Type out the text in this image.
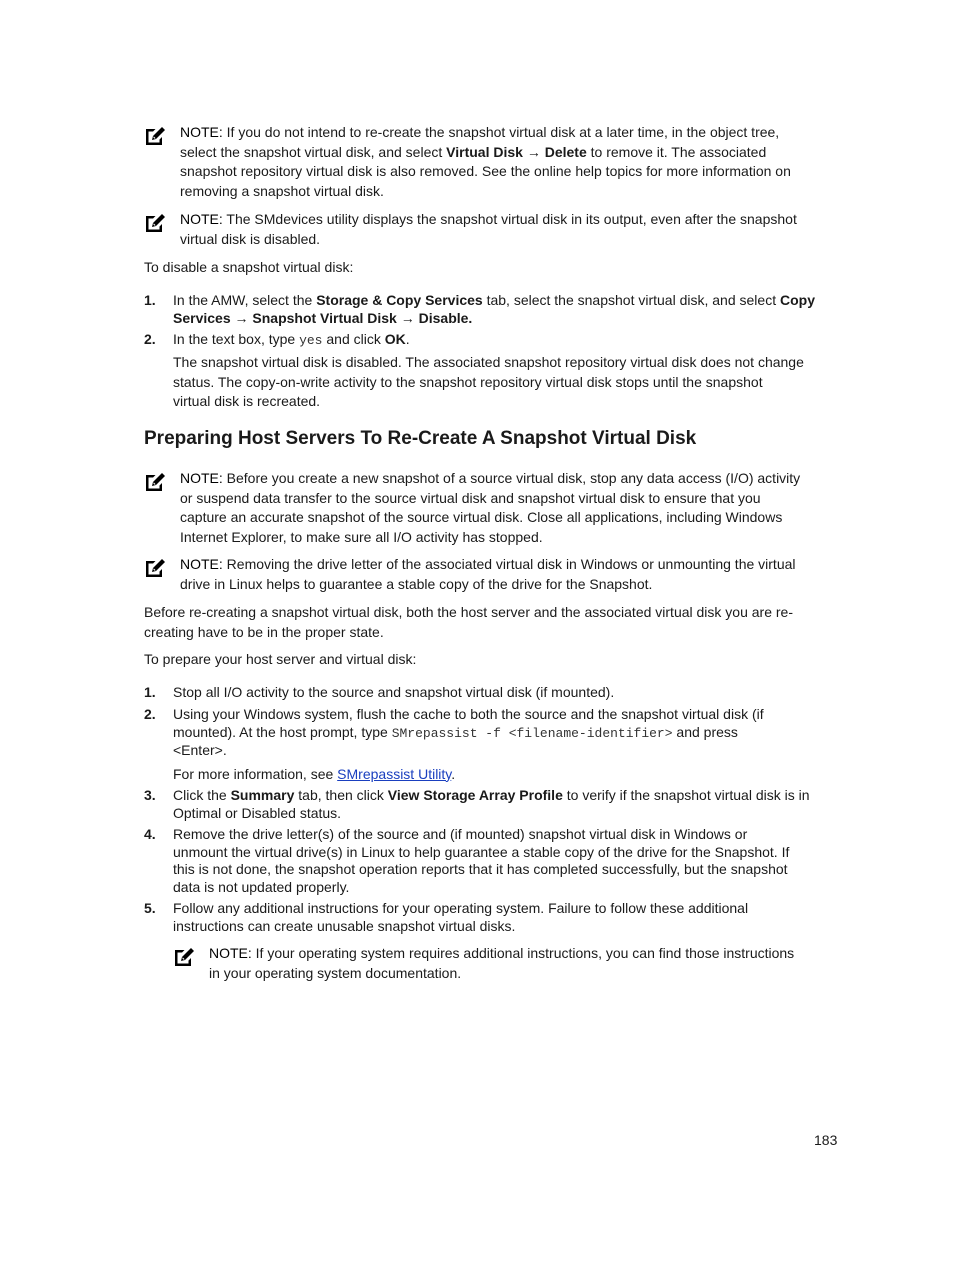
NOTE: If you do not intend to re-create the snapshot virtual disk at a later time, in the object tree,
select the snapshot virtual disk, and select Virtual Disk → Delete to remove it. The associated
snapshot repository virtual disk is also removed. See the online help topics for more information on
removing a snapshot virtual disk.
NOTE: The SMdevices utility displays the snapshot virtual disk in its output, even after the snapshot
virtual disk is disabled.
To disable a snapshot virtual disk:
1. In the AMW, select the Storage & Copy Services tab, select the snapshot virtual disk, and select Copy
Services → Snapshot Virtual Disk → Disable.
2. In the text box, type yes and click OK.
The snapshot virtual disk is disabled. The associated snapshot repository virtual disk does not change
status. The copy-on-write activity to the snapshot repository virtual disk stops until the snapshot
virtual disk is recreated.
Preparing Host Servers To Re-Create A Snapshot Virtual Disk
NOTE: Before you create a new snapshot of a source virtual disk, stop any data access (I/O) activity
or suspend data transfer to the source virtual disk and snapshot virtual disk to ensure that you
capture an accurate snapshot of the source virtual disk. Close all applications, including Windows
Internet Explorer, to make sure all I/O activity has stopped.
NOTE: Removing the drive letter of the associated virtual disk in Windows or unmounting the virtual
drive in Linux helps to guarantee a stable copy of the drive for the Snapshot.
Before re-creating a snapshot virtual disk, both the host server and the associated virtual disk you are re-
creating have to be in the proper state.
To prepare your host server and virtual disk:
1. Stop all I/O activity to the source and snapshot virtual disk (if mounted).
2. Using your Windows system, flush the cache to both the source and the snapshot virtual disk (if
mounted). At the host prompt, type SMrepassist -f <filename-identifier> and press
<Enter>.
For more information, see SMrepassist Utility.
3. Click the Summary tab, then click View Storage Array Profile to verify if the snapshot virtual disk is in
Optimal or Disabled status.
4. Remove the drive letter(s) of the source and (if mounted) snapshot virtual disk in Windows or
unmount the virtual drive(s) in Linux to help guarantee a stable copy of the drive for the Snapshot. If
this is not done, the snapshot operation reports that it has completed successfully, but the snapshot
data is not updated properly.
5. Follow any additional instructions for your operating system. Failure to follow these additional
instructions can create unusable snapshot virtual disks.
NOTE: If your operating system requires additional instructions, you can find those instructions
in your operating system documentation.
183
